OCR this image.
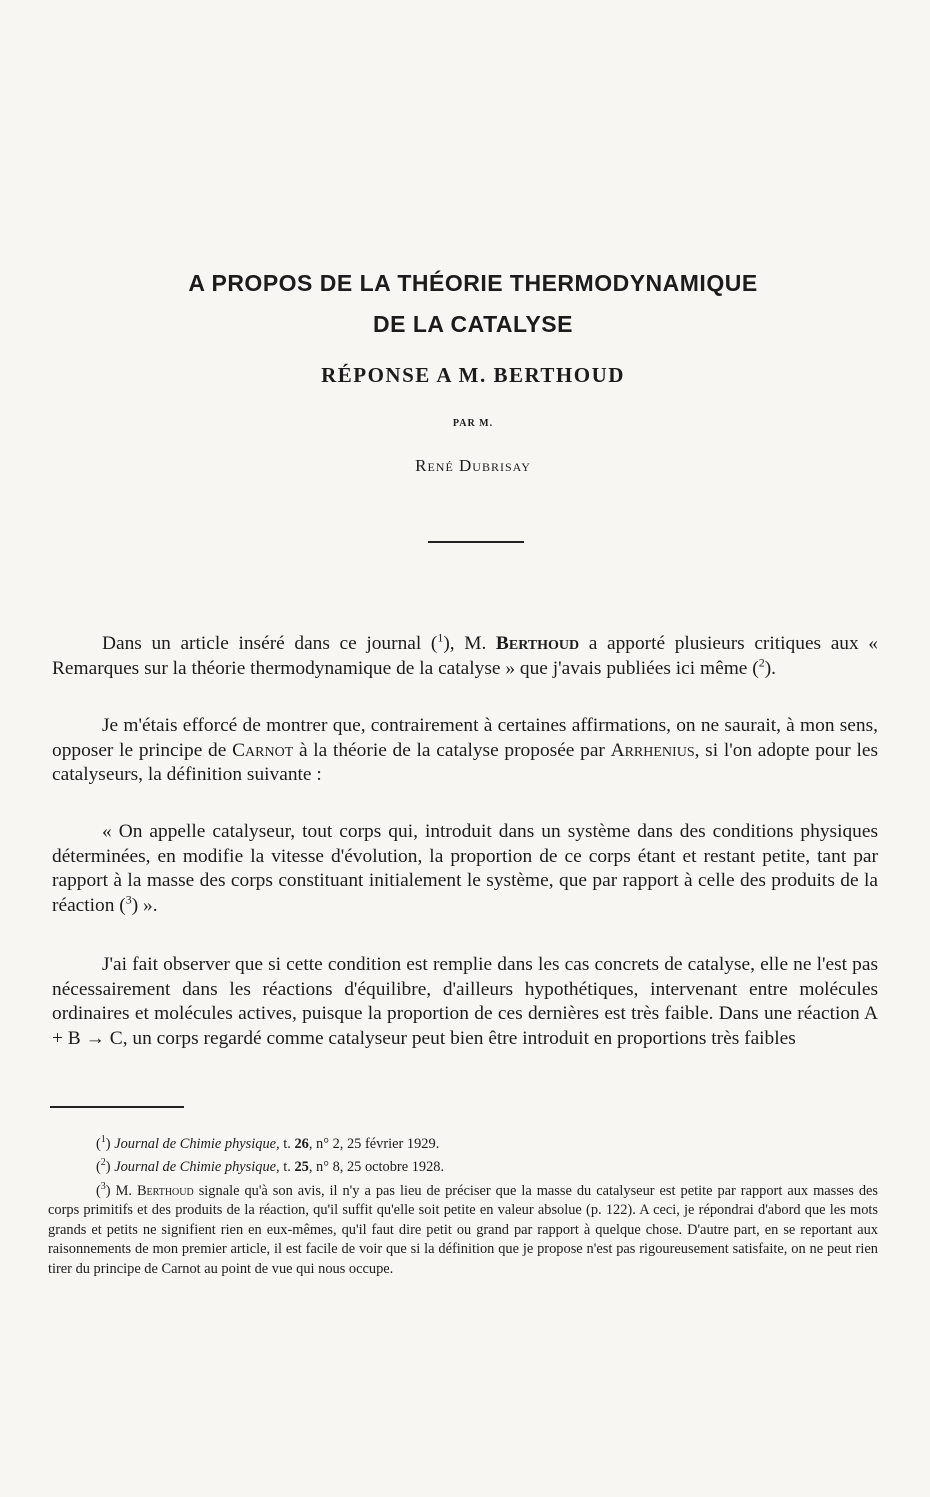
A PROPOS DE LA THÉORIE THERMODYNAMIQUE
DE LA CATALYSE
RÉPONSE A M. BERTHOUD
PAR M.
René Dubrisay

Dans un article inséré dans ce journal ($^1$), M. Berthoud a apporté plusieurs critiques aux « Remarques sur la théorie thermodynamique de la catalyse » que j'avais publiées ici même ($^2$).

Je m'étais efforcé de montrer que, contrairement à certaines affirmations, on ne saurait, à mon sens, opposer le principe de Carnot à la théorie de la catalyse proposée par Arrhenius, si l'on adopte pour les catalyseurs, la définition suivante :

« On appelle catalyseur, tout corps qui, introduit dans un système dans des conditions physiques déterminées, en modifie la vitesse d'évolution, la proportion de ce corps étant et restant petite, tant par rapport à la masse des corps constituant initialement le système, que par rapport à celle des produits de la réaction ($^3$) ».

J'ai fait observer que si cette condition est remplie dans les cas concrets de catalyse, elle ne l'est pas nécessairement dans les réactions d'équilibre, d'ailleurs hypothétiques, intervenant entre molécules ordinaires et molécules actives, puisque la proportion de ces dernières est très faible. Dans une réaction A + B → C, un corps regardé comme catalyseur peut bien être introduit en proportions très faibles

($^1$) Journal de Chimie physique, t. 26, n° 2, 25 février 1929.

($^2$) Journal de Chimie physique, t. 25, n° 8, 25 octobre 1928.

($^3$) M. Berthoud signale qu'à son avis, il n'y a pas lieu de préciser que la masse du catalyseur est petite par rapport aux masses des corps primitifs et des produits de la réaction, qu'il suffit qu'elle soit petite en valeur absolue (p. 122). A ceci, je répondrai d'abord que les mots grands et petits ne signifient rien en eux-mêmes, qu'il faut dire petit ou grand par rapport à quelque chose. D'autre part, en se reportant aux raisonnements de mon premier article, il est facile de voir que si la définition que je propose n'est pas rigoureusement satisfaite, on ne peut rien tirer du principe de Carnot au point de vue qui nous occupe.
